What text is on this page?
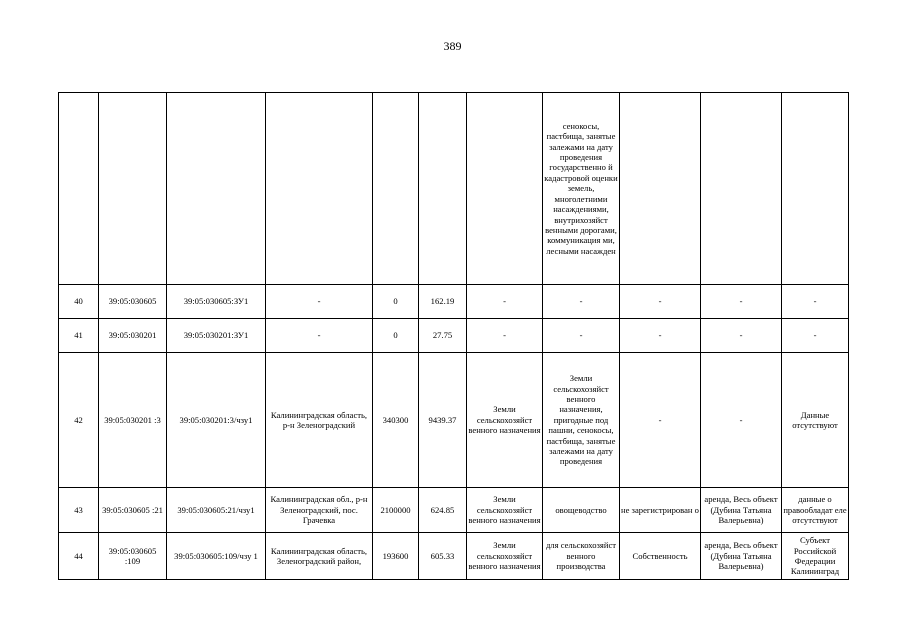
389
							сенокосы, пастбища, занятые залежами на дату проведения государственно й кадастровой оценки земель, многолетними насаждениями, внутрихозяйст венными дорогами, коммуникация ми, лесными насажден			
40	39:05:030605	39:05:030605:ЗУ1	-	0	162.19	-	-	-	-	-
41	39:05:030201	39:05:030201:ЗУ1	-	0	27.75	-	-	-	-	-
42	39:05:030201 :3	39:05:030201:3/чзу1	Калининградская область, р-н Зеленоградский	340300	9439.37	Земли сельскохозяйст венного назначения	Земли сельскохозяйст венного назначения, пригодные под пашни, сенокосы, пастбища, занятые залежами на дату проведения	-	-	Данные отсутствуют
43	39:05:030605 :21	39:05:030605:21/чзу1	Калининградская обл., р-н Зеленоградский, пос. Грачевка	2100000	624.85	Земли сельскохозяйст венного назначения	овощеводство	не зарегистрирован о	аренда, Весь объект (Дубина Татьяна Валерьевна)	данные о правообладат еле отсутствуют
44	39:05:030605 :109	39:05:030605:109/чзу 1	Калининградская область, Зеленоградский район,	193600	605.33	Земли сельскохозяйст венного назначения	для сельскохозяйст венного производства	Собственность	аренда, Весь объект (Дубина Татьяна Валерьевна)	Субъект Российской Федерации Калининград
